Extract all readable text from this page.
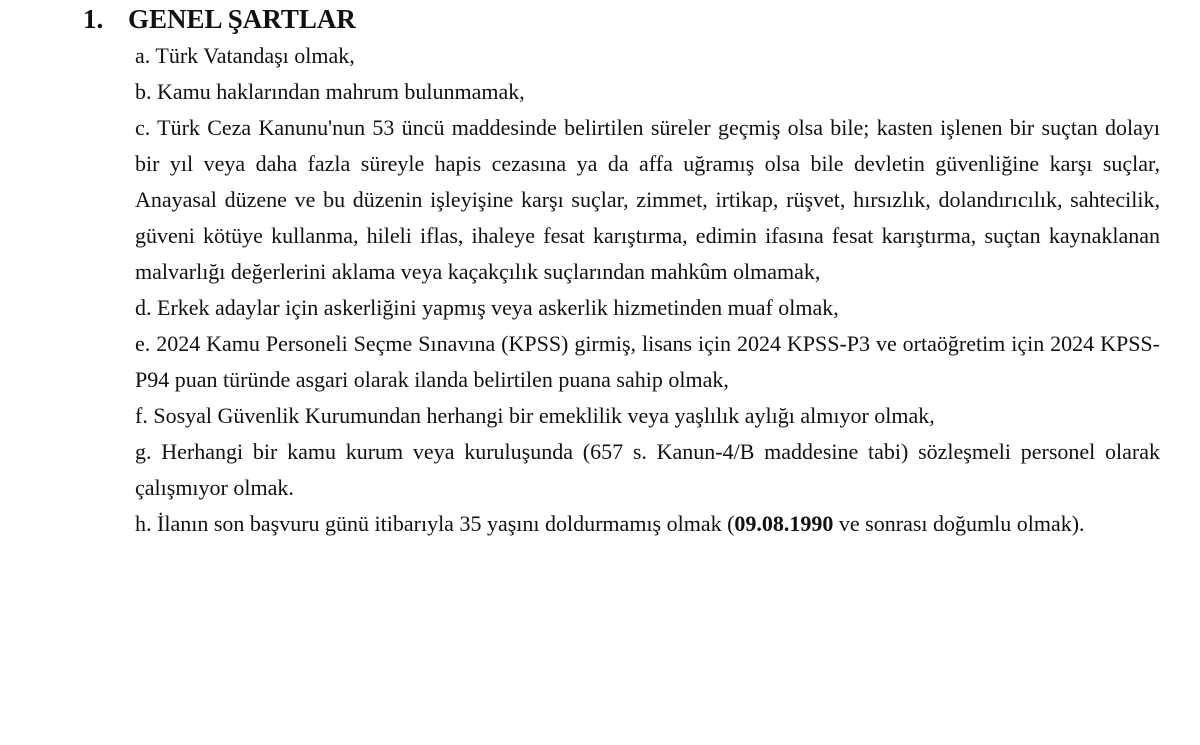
1. GENEL ŞARTLAR

a. Türk Vatandaşı olmak,

b. Kamu haklarından mahrum bulunmamak,

c. Türk Ceza Kanunu'nun 53 üncü maddesinde belirtilen süreler geçmiş olsa bile; kasten işlenen bir suçtan dolayı bir yıl veya daha fazla süreyle hapis cezasına ya da affa uğramış olsa bile devletin güvenliğine karşı suçlar, Anayasal düzene ve bu düzenin işleyişine karşı suçlar, zimmet, irtikap, rüşvet, hırsızlık, dolandırıcılık, sahtecilik, güveni kötüye kullanma, hileli iflas, ihaleye fesat karıştırma, edimin ifasına fesat karıştırma, suçtan kaynaklanan malvarlığı değerlerini aklama veya kaçakçılık suçlarından mahkûm olmamak,

d. Erkek adaylar için askerliğini yapmış veya askerlik hizmetinden muaf olmak,

e. 2024 Kamu Personeli Seçme Sınavına (KPSS) girmiş, lisans için 2024 KPSS-P3 ve ortaöğretim için 2024 KPSS-P94 puan türünde asgari olarak ilanda belirtilen puana sahip olmak,

f. Sosyal Güvenlik Kurumundan herhangi bir emeklilik veya yaşlılık aylığı almıyor olmak,

g. Herhangi bir kamu kurum veya kuruluşunda (657 s. Kanun-4/B maddesine tabi) sözleşmeli personel olarak çalışmıyor olmak.

h. İlanın son başvuru günü itibarıyla 35 yaşını doldurmamış olmak (09.08.1990 ve sonrası doğumlu olmak).
